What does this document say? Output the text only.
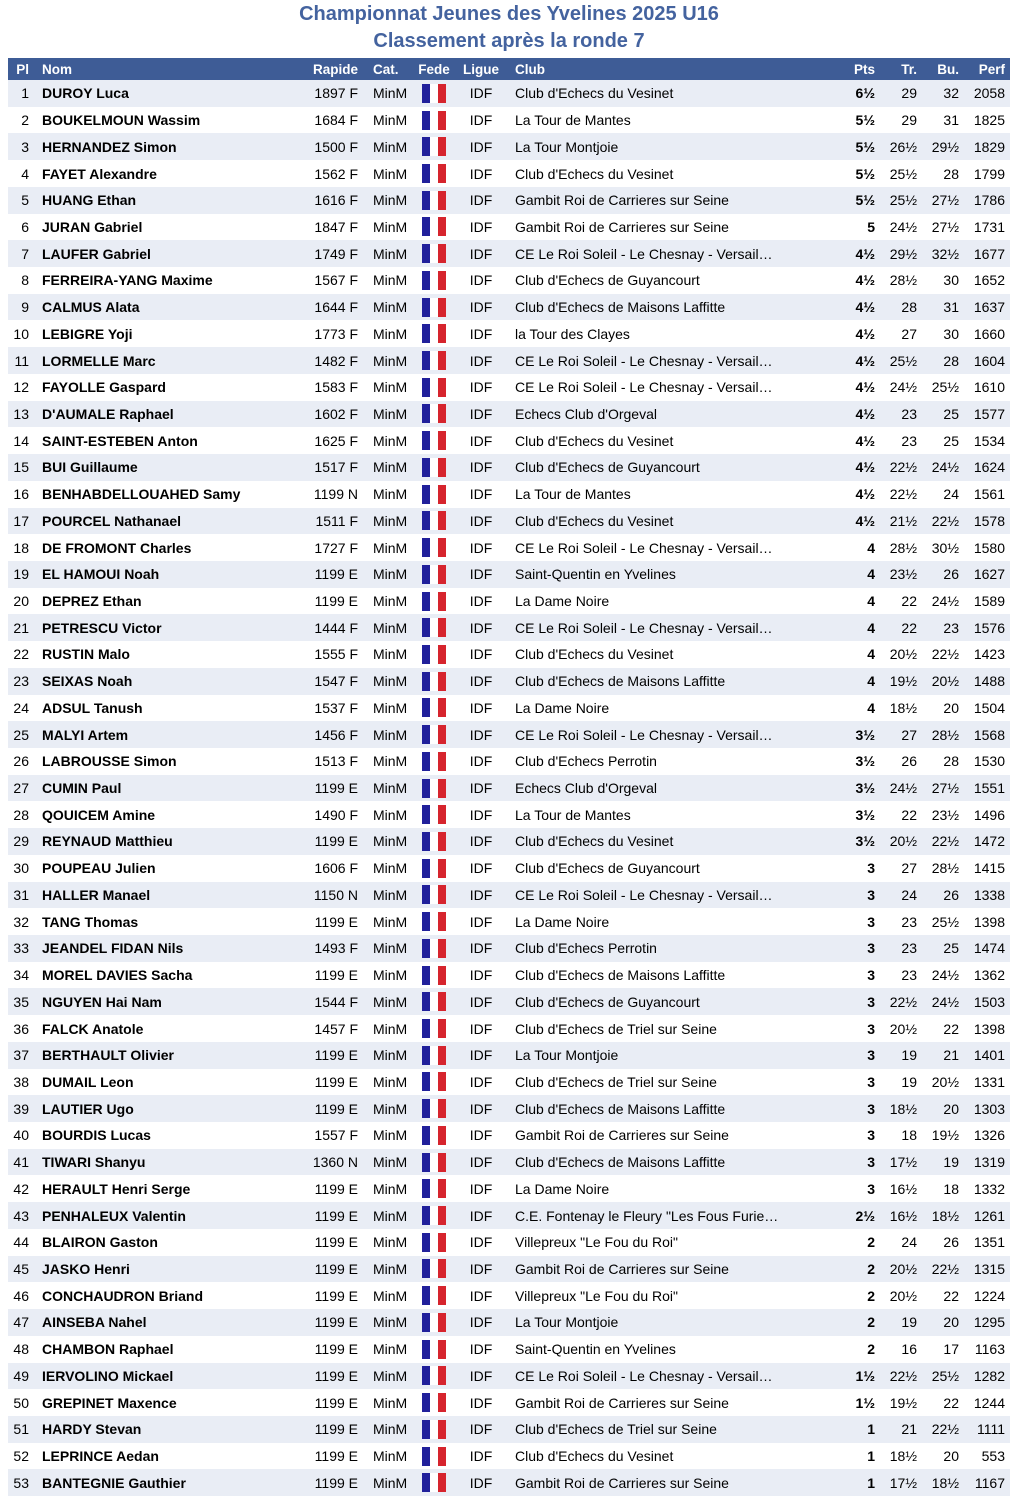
Championnat Jeunes des Yvelines 2025 U16
Classement après la ronde 7
Pl	Nom	Rapide	Cat.	Fede	Ligue	Club	Pts	Tr.	Bu.	Perf
1	DUROY Luca	1897 F	MinM		IDF	Club d'Echecs du Vesinet	6½	29	32	2058
2	BOUKELMOUN Wassim	1684 F	MinM		IDF	La Tour de Mantes	5½	29	31	1825
3	HERNANDEZ Simon	1500 F	MinM		IDF	La Tour Montjoie	5½	26½	29½	1829
4	FAYET Alexandre	1562 F	MinM		IDF	Club d'Echecs du Vesinet	5½	25½	28	1799
5	HUANG Ethan	1616 F	MinM		IDF	Gambit Roi de Carrieres sur Seine	5½	25½	27½	1786
6	JURAN Gabriel	1847 F	MinM		IDF	Gambit Roi de Carrieres sur Seine	5	24½	27½	1731
7	LAUFER Gabriel	1749 F	MinM		IDF	CE Le Roi Soleil - Le Chesnay - Versail…	4½	29½	32½	1677
8	FERREIRA-YANG Maxime	1567 F	MinM		IDF	Club d'Echecs de Guyancourt	4½	28½	30	1652
9	CALMUS Alata	1644 F	MinM		IDF	Club d'Echecs de Maisons Laffitte	4½	28	31	1637
10	LEBIGRE Yoji	1773 F	MinM		IDF	la Tour des Clayes	4½	27	30	1660
11	LORMELLE Marc	1482 F	MinM		IDF	CE Le Roi Soleil - Le Chesnay - Versail…	4½	25½	28	1604
12	FAYOLLE Gaspard	1583 F	MinM		IDF	CE Le Roi Soleil - Le Chesnay - Versail…	4½	24½	25½	1610
13	D'AUMALE Raphael	1602 F	MinM		IDF	Echecs Club d'Orgeval	4½	23	25	1577
14	SAINT-ESTEBEN Anton	1625 F	MinM		IDF	Club d'Echecs du Vesinet	4½	23	25	1534
15	BUI Guillaume	1517 F	MinM		IDF	Club d'Echecs de Guyancourt	4½	22½	24½	1624
16	BENHABDELLOUAHED Samy	1199 N	MinM		IDF	La Tour de Mantes	4½	22½	24	1561
17	POURCEL Nathanael	1511 F	MinM		IDF	Club d'Echecs du Vesinet	4½	21½	22½	1578
18	DE FROMONT Charles	1727 F	MinM		IDF	CE Le Roi Soleil - Le Chesnay - Versail…	4	28½	30½	1580
19	EL HAMOUI Noah	1199 E	MinM		IDF	Saint-Quentin en Yvelines	4	23½	26	1627
20	DEPREZ Ethan	1199 E	MinM		IDF	La Dame Noire	4	22	24½	1589
21	PETRESCU Victor	1444 F	MinM		IDF	CE Le Roi Soleil - Le Chesnay - Versail…	4	22	23	1576
22	RUSTIN Malo	1555 F	MinM		IDF	Club d'Echecs du Vesinet	4	20½	22½	1423
23	SEIXAS Noah	1547 F	MinM		IDF	Club d'Echecs de Maisons Laffitte	4	19½	20½	1488
24	ADSUL Tanush	1537 F	MinM		IDF	La Dame Noire	4	18½	20	1504
25	MALYI Artem	1456 F	MinM		IDF	CE Le Roi Soleil - Le Chesnay - Versail…	3½	27	28½	1568
26	LABROUSSE Simon	1513 F	MinM		IDF	Club d'Echecs Perrotin	3½	26	28	1530
27	CUMIN Paul	1199 E	MinM		IDF	Echecs Club d'Orgeval	3½	24½	27½	1551
28	QOUICEM Amine	1490 F	MinM		IDF	La Tour de Mantes	3½	22	23½	1496
29	REYNAUD Matthieu	1199 E	MinM		IDF	Club d'Echecs du Vesinet	3½	20½	22½	1472
30	POUPEAU Julien	1606 F	MinM		IDF	Club d'Echecs de Guyancourt	3	27	28½	1415
31	HALLER Manael	1150 N	MinM		IDF	CE Le Roi Soleil - Le Chesnay - Versail…	3	24	26	1338
32	TANG Thomas	1199 E	MinM		IDF	La Dame Noire	3	23	25½	1398
33	JEANDEL FIDAN Nils	1493 F	MinM		IDF	Club d'Echecs Perrotin	3	23	25	1474
34	MOREL DAVIES Sacha	1199 E	MinM		IDF	Club d'Echecs de Maisons Laffitte	3	23	24½	1362
35	NGUYEN Hai Nam	1544 F	MinM		IDF	Club d'Echecs de Guyancourt	3	22½	24½	1503
36	FALCK Anatole	1457 F	MinM		IDF	Club d'Echecs de Triel sur Seine	3	20½	22	1398
37	BERTHAULT Olivier	1199 E	MinM		IDF	La Tour Montjoie	3	19	21	1401
38	DUMAIL Leon	1199 E	MinM		IDF	Club d'Echecs de Triel sur Seine	3	19	20½	1331
39	LAUTIER Ugo	1199 E	MinM		IDF	Club d'Echecs de Maisons Laffitte	3	18½	20	1303
40	BOURDIS Lucas	1557 F	MinM		IDF	Gambit Roi de Carrieres sur Seine	3	18	19½	1326
41	TIWARI Shanyu	1360 N	MinM		IDF	Club d'Echecs de Maisons Laffitte	3	17½	19	1319
42	HERAULT Henri Serge	1199 E	MinM		IDF	La Dame Noire	3	16½	18	1332
43	PENHALEUX Valentin	1199 E	MinM		IDF	C.E. Fontenay le Fleury "Les Fous Furie…	2½	16½	18½	1261
44	BLAIRON Gaston	1199 E	MinM		IDF	Villepreux "Le Fou du Roi"	2	24	26	1351
45	JASKO Henri	1199 E	MinM		IDF	Gambit Roi de Carrieres sur Seine	2	20½	22½	1315
46	CONCHAUDRON Briand	1199 E	MinM		IDF	Villepreux "Le Fou du Roi"	2	20½	22	1224
47	AINSEBA Nahel	1199 E	MinM		IDF	La Tour Montjoie	2	19	20	1295
48	CHAMBON Raphael	1199 E	MinM		IDF	Saint-Quentin en Yvelines	2	16	17	1163
49	IERVOLINO Mickael	1199 E	MinM		IDF	CE Le Roi Soleil - Le Chesnay - Versail…	1½	22½	25½	1282
50	GREPINET Maxence	1199 E	MinM		IDF	Gambit Roi de Carrieres sur Seine	1½	19½	22	1244
51	HARDY Stevan	1199 E	MinM		IDF	Club d'Echecs de Triel sur Seine	1	21	22½	1111
52	LEPRINCE Aedan	1199 E	MinM		IDF	Club d'Echecs du Vesinet	1	18½	20	553
53	BANTEGNIE Gauthier	1199 E	MinM		IDF	Gambit Roi de Carrieres sur Seine	1	17½	18½	1167
